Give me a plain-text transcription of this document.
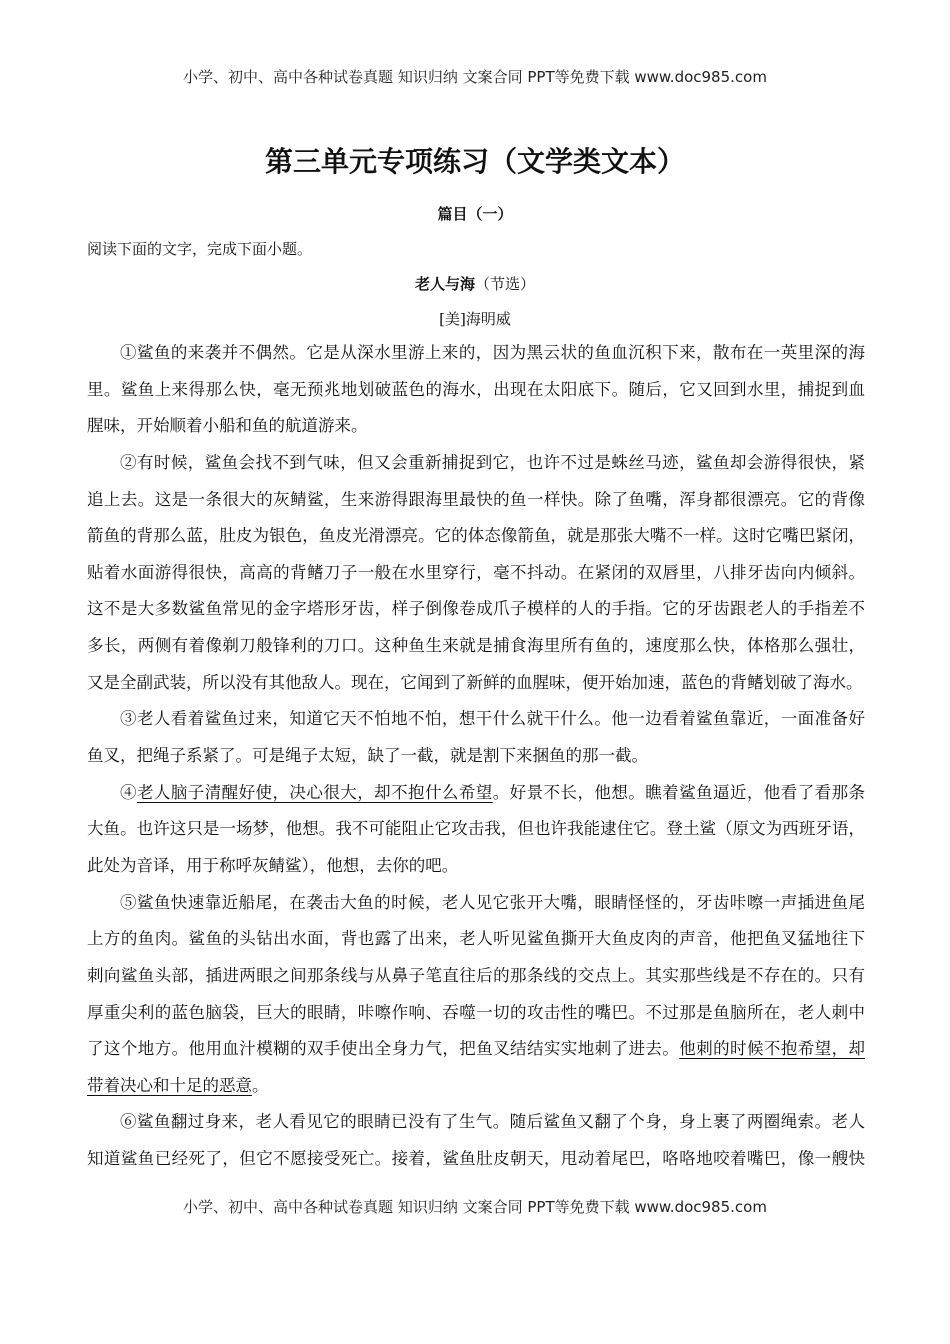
小学、初中、高中各种试卷真题 知识归纳 文案合同 PPT等免费下载 www.doc985.com
第三单元专项练习（文学类文本）
篇目（一）
阅读下面的文字，完成下面小题。
老人与海（节选）
[美]海明威
①鲨鱼的来袭并不偶然。它是从深水里游上来的，因为黑云状的鱼血沉积下来，散布在一英里深的海
里。鲨鱼上来得那么快，毫无预兆地划破蓝色的海水，出现在太阳底下。随后，它又回到水里，捕捉到血
腥味，开始顺着小船和鱼的航道游来。
②有时候，鲨鱼会找不到气味，但又会重新捕捉到它，也许不过是蛛丝马迹，鲨鱼却会游得很快，紧
追上去。这是一条很大的灰鲭鲨，生来游得跟海里最快的鱼一样快。除了鱼嘴，浑身都很漂亮。它的背像
箭鱼的背那么蓝，肚皮为银色，鱼皮光滑漂亮。它的体态像箭鱼，就是那张大嘴不一样。这时它嘴巴紧闭，
贴着水面游得很快，高高的背鳍刀子一般在水里穿行，毫不抖动。在紧闭的双唇里，八排牙齿向内倾斜。
这不是大多数鲨鱼常见的金字塔形牙齿，样子倒像卷成爪子模样的人的手指。它的牙齿跟老人的手指差不
多长，两侧有着像剃刀般锋利的刀口。这种鱼生来就是捕食海里所有鱼的，速度那么快，体格那么强壮，
又是全副武装，所以没有其他敌人。现在，它闻到了新鲜的血腥味，便开始加速，蓝色的背鳍划破了海水。
③老人看着鲨鱼过来，知道它天不怕地不怕，想干什么就干什么。他一边看着鲨鱼靠近，一面准备好
鱼叉，把绳子系紧了。可是绳子太短，缺了一截，就是割下来捆鱼的那一截。
④老人脑子清醒好使，决心很大，却不抱什么希望。好景不长，他想。瞧着鲨鱼逼近，他看了看那条
大鱼。也许这只是一场梦，他想。我不可能阻止它攻击我，但也许我能逮住它。登土鲨（原文为西班牙语，
此处为音译，用于称呼灰鲭鲨），他想，去你的吧。
⑤鲨鱼快速靠近船尾，在袭击大鱼的时候，老人见它张开大嘴，眼睛怪怪的，牙齿咔嚓一声插进鱼尾
上方的鱼肉。鲨鱼的头钻出水面，背也露了出来，老人听见鲨鱼撕开大鱼皮肉的声音，他把鱼叉猛地往下
刺向鲨鱼头部，插进两眼之间那条线与从鼻子笔直往后的那条线的交点上。其实那些线是不存在的。只有
厚重尖利的蓝色脑袋，巨大的眼睛，咔嚓作响、吞噬一切的攻击性的嘴巴。不过那是鱼脑所在，老人刺中
了这个地方。他用血汁模糊的双手使出全身力气，把鱼叉结结实实地刺了进去。他刺的时候不抱希望，却
带着决心和十足的恶意。
⑥鲨鱼翻过身来，老人看见它的眼睛已没有了生气。随后鲨鱼又翻了个身，身上裹了两圈绳索。老人
知道鲨鱼已经死了，但它不愿接受死亡。接着，鲨鱼肚皮朝天，甩动着尾巴，咯咯地咬着嘴巴，像一艘快
小学、初中、高中各种试卷真题 知识归纳 文案合同 PPT等免费下载 www.doc985.com
